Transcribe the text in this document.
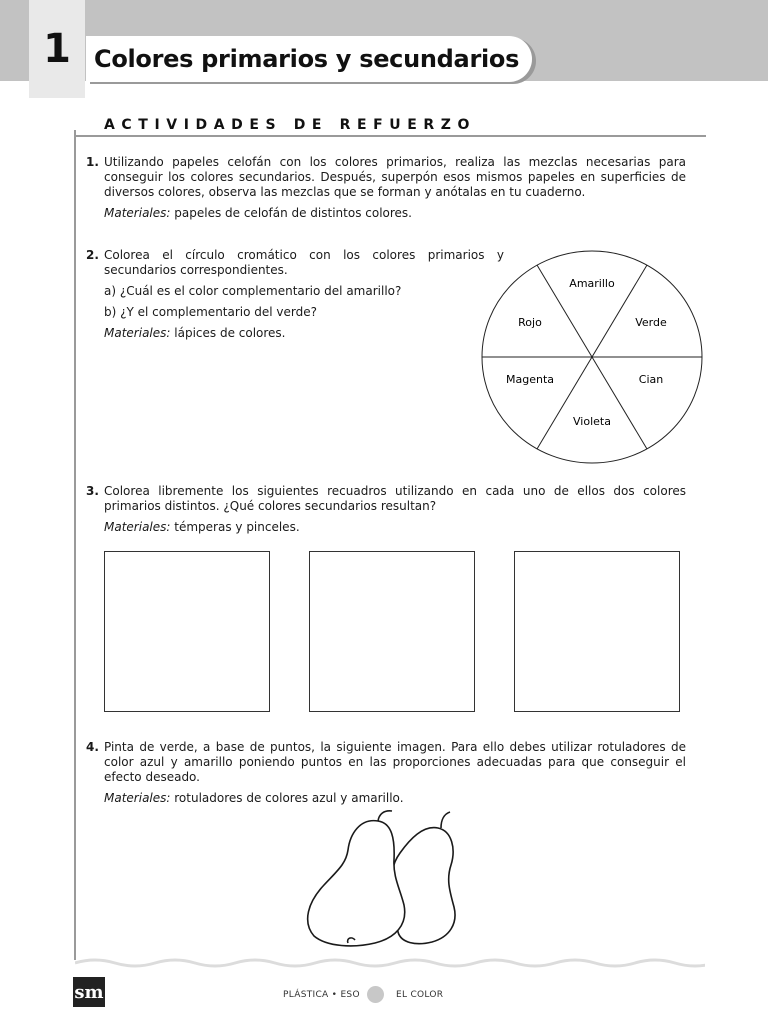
1 Colores primarios y secundarios
ACTIVIDADES DE REFUERZO
1. Utilizando papeles celofán con los colores primarios, realiza las mezclas necesarias para conseguir los colores secundarios. Después, superpón esos mismos papeles en superficies de diversos colores, observa las mezclas que se forman y anótalas en tu cuaderno.
Materiales: papeles de celofán de distintos colores.
2. Colorea el círculo cromático con los colores primarios y secundarios correspondientes.
a) ¿Cuál es el color complementario del amarillo?
b) ¿Y el complementario del verde?
Materiales: lápices de colores.
Amarillo
Verde
Cian
Violeta
Magenta
Rojo
3. Colorea libremente los siguientes recuadros utilizando en cada uno de ellos dos colores primarios distintos. ¿Qué colores secundarios resultan?
Materiales: témperas y pinceles.
4. Pinta de verde, a base de puntos, la siguiente imagen. Para ello debes utilizar rotuladores de color azul y amarillo poniendo puntos en las proporciones adecuadas para que conseguir el efecto deseado.
Materiales: rotuladores de colores azul y amarillo.
sm	PLÁSTICA • ESO	EL COLOR
